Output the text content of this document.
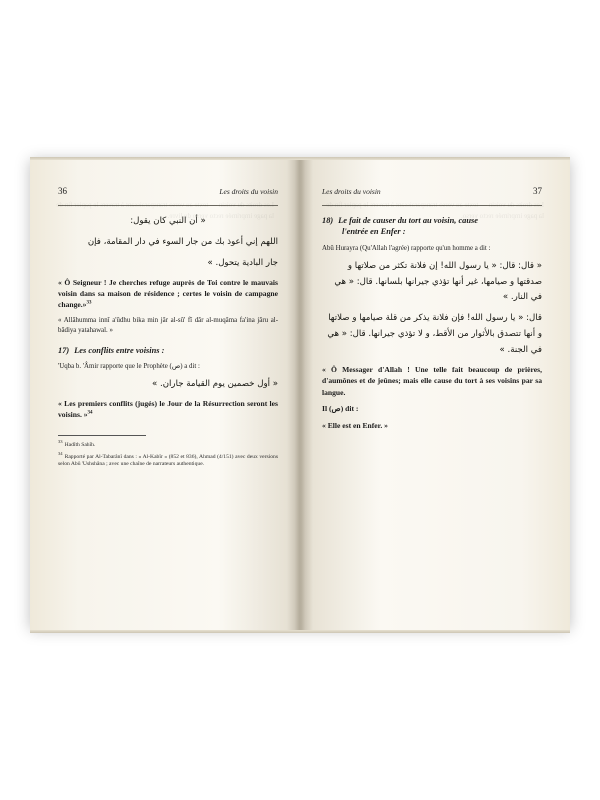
Les droits du voisin — texte au verso transparaissant à travers le papier fin de la page imprimée recto verso du livre.
36	Les droits du voisin
« أن النبي كان يقول:
اللهم إني أعوذ بك من جار السوء في دار المقامة، فإن
جار البادية يتحول. »
« Ô Seigneur ! Je cherches refuge auprès de Toi contre le mauvais voisin dans sa maison de résidence ; certes le voisin de campagne change.»$^{33}$
« Allâhumma innî a'ûdhu bika min jâr al-sû' fî dâr al-muqâma fa'ina jâru al-bâdiya yatahawal. »
17) Les conflits entre voisins :
'Uqba b. 'Âmir rapporte que le Prophète (ص) a dit :
« أول خصمين يوم القيامة جاران. »
« Les premiers conflits (jugés) le Jour de la Résurrection seront les voisins. »$^{34}$

$^{33}$Hadîth Sahîh.

$^{34}$Rapporté par Al-Tabarânî dans : « Al-Kabîr » (852 et 836), Ahmad (4/151) avec deux versions selon Abû 'Ushshâna ; avec une chaîne de narrateurs authentique.

Les droits du voisin — texte au verso transparaissant à travers le papier fin de la page imprimée recto verso.
37
Les droits du voisin
18) Le fait de causer du tort au voisin, cause
l'entrée en Enfer :
Abû Hurayra (Qu'Allah l'agrée) rapporte qu'un homme a dit :
« قال: قال: « يا رسول الله! إن فلانة تكثر من صلاتها و صدقتها و صيامها، غير أنها تؤذي جيرانها بلسانها. قال: « هي في النار. »
قال: « يا رسول الله! فإن فلانة يذكر من قلة صيامها و صلاتها و أنها تتصدق بالأثوار من الأقط، و لا تؤذي جيرانها. قال: « هي في الجنة. »
« Ô Messager d'Allah ! Une telle fait beaucoup de prières, d'aumônes et de jeûnes; mais elle cause du tort à ses voisins par sa langue.
Il (ص) dit :
« Elle est en Enfer. »
